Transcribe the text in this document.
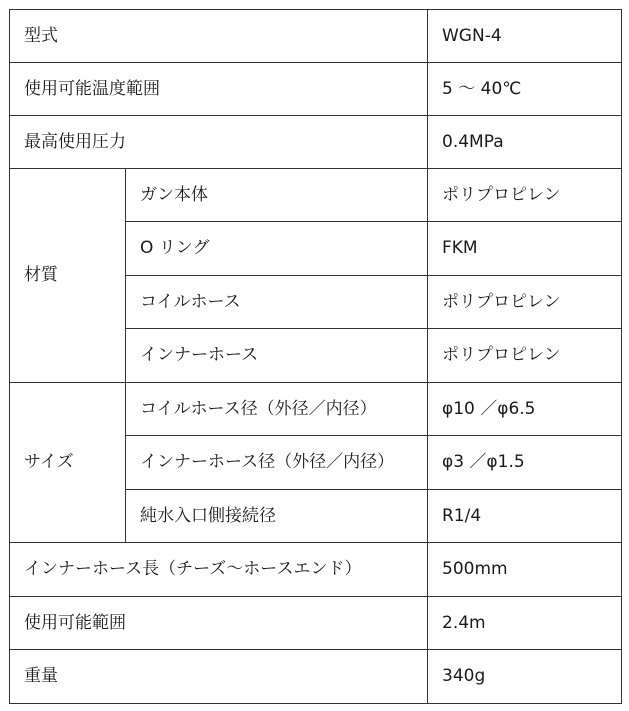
型式		WGN-4
使用可能温度範囲		5 ～ 40℃
最高使用圧力		0.4MPa
材質	ガン本体	ポリプロピレン
	O リング	FKM
	コイルホース	ポリプロピレン
	インナーホース	ポリプロピレン
サイズ	コイルホース径（外径／内径）	φ10 ／φ6.5
	インナーホース径（外径／内径）	φ3 ／φ1.5
	純水入口側接続径	R1/4
インナーホース長（チーズ～ホースエンド）		500mm
使用可能範囲		2.4m
重量		340g
